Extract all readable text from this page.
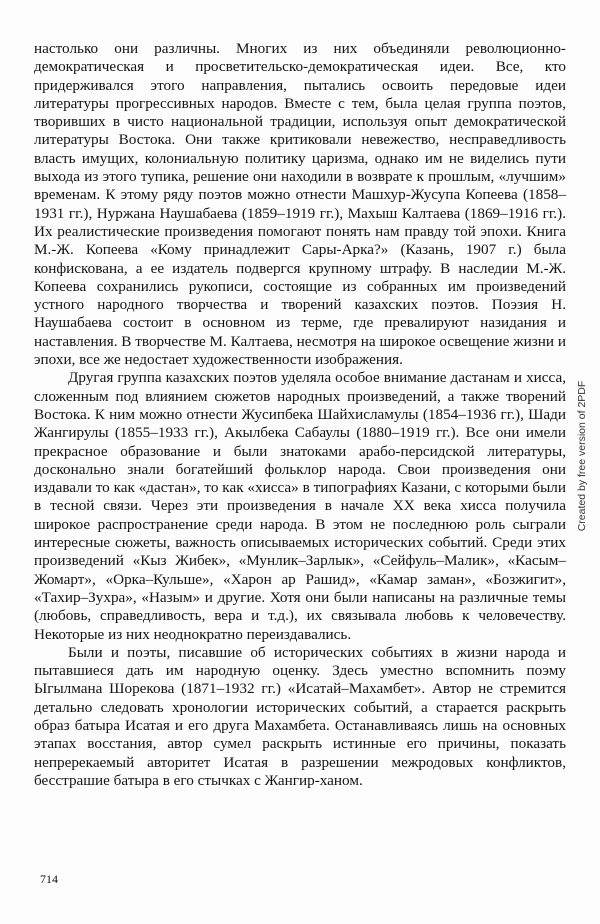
настолько они различны. Многих из них объединяли революционно-демократическая и просветительско-демократическая идеи. Все, кто придерживался этого направления, пытались освоить передовые идеи литературы прогрессивных народов. Вместе с тем, была целая группа поэтов, творивших в чисто национальной традиции, используя опыт демократической литературы Востока. Они также критиковали невежество, несправедливость власть имущих, колониальную политику царизма, однако им не виделись пути выхода из этого тупика, решение они находили в возврате к прошлым, «лучшим» временам. К этому ряду поэтов можно отнести Машхур-Жусупа Копеева (1858–1931 гг.), Нуржана Наушабаева (1859–1919 гг.), Махыш Калтаева (1869–1916 гг.). Их реалистические произведения помогают понять нам правду той эпохи. Книга М.-Ж. Копеева «Кому принадлежит Сары-Арка?» (Казань, 1907 г.) была конфискована, а ее издатель подвергся крупному штрафу. В наследии М.-Ж. Копеева сохранились рукописи, состоящие из собранных им произведений устного народного творчества и творений казахских поэтов. Поэзия Н. Наушабаева состоит в основном из терме, где превалируют назидания и наставления. В творчестве М. Калтаева, несмотря на широкое освещение жизни и эпохи, все же недостает художественности изображения.

Другая группа казахских поэтов уделяла особое внимание дастанам и хисса, сложенным под влиянием сюжетов народных произведений, а также творений Востока. К ним можно отнести Жусипбека Шайхисламулы (1854–1936 гг.), Шади Жангирулы (1855–1933 гг.), Акылбека Сабаулы (1880–1919 гг.). Все они имели прекрасное образование и были знатоками арабо-персидской литературы, досконально знали богатейший фольклор народа. Свои произведения они издавали то как «дастан», то как «хисса» в типографиях Казани, с которыми были в тесной связи. Через эти произведения в начале XX века хисса получила широкое распространение среди народа. В этом не последнюю роль сыграли интересные сюжеты, важность описываемых исторических событий. Среди этих произведений «Кыз Жибек», «Мунлик–Зарлык», «Сейфуль–Малик», «Касым–Жомарт», «Орка–Кульше», «Харон ар Рашид», «Камар заман», «Бозжигит», «Тахир–Зухра», «Назым» и другие. Хотя они были написаны на различные темы (любовь, справедливость, вера и т.д.), их связывала любовь к человечеству. Некоторые из них неоднократно переиздавались.

Были и поэты, писавшие об исторических событиях в жизни народа и пытавшиеся дать им народную оценку. Здесь уместно вспомнить поэму Ыгылмана Шорекова (1871–1932 гг.) «Исатай–Махамбет». Автор не стремится детально следовать хронологии исторических событий, а старается раскрыть образ батыра Исатая и его друга Махамбета. Останавливаясь лишь на основных этапах восстания, автор сумел раскрыть истинные его причины, показать непререкаемый авторитет Исатая в разрешении межродовых конфликтов, бесстрашие батыра в его стычках с Жангир-ханом.

714
Created by free version of 2PDF
